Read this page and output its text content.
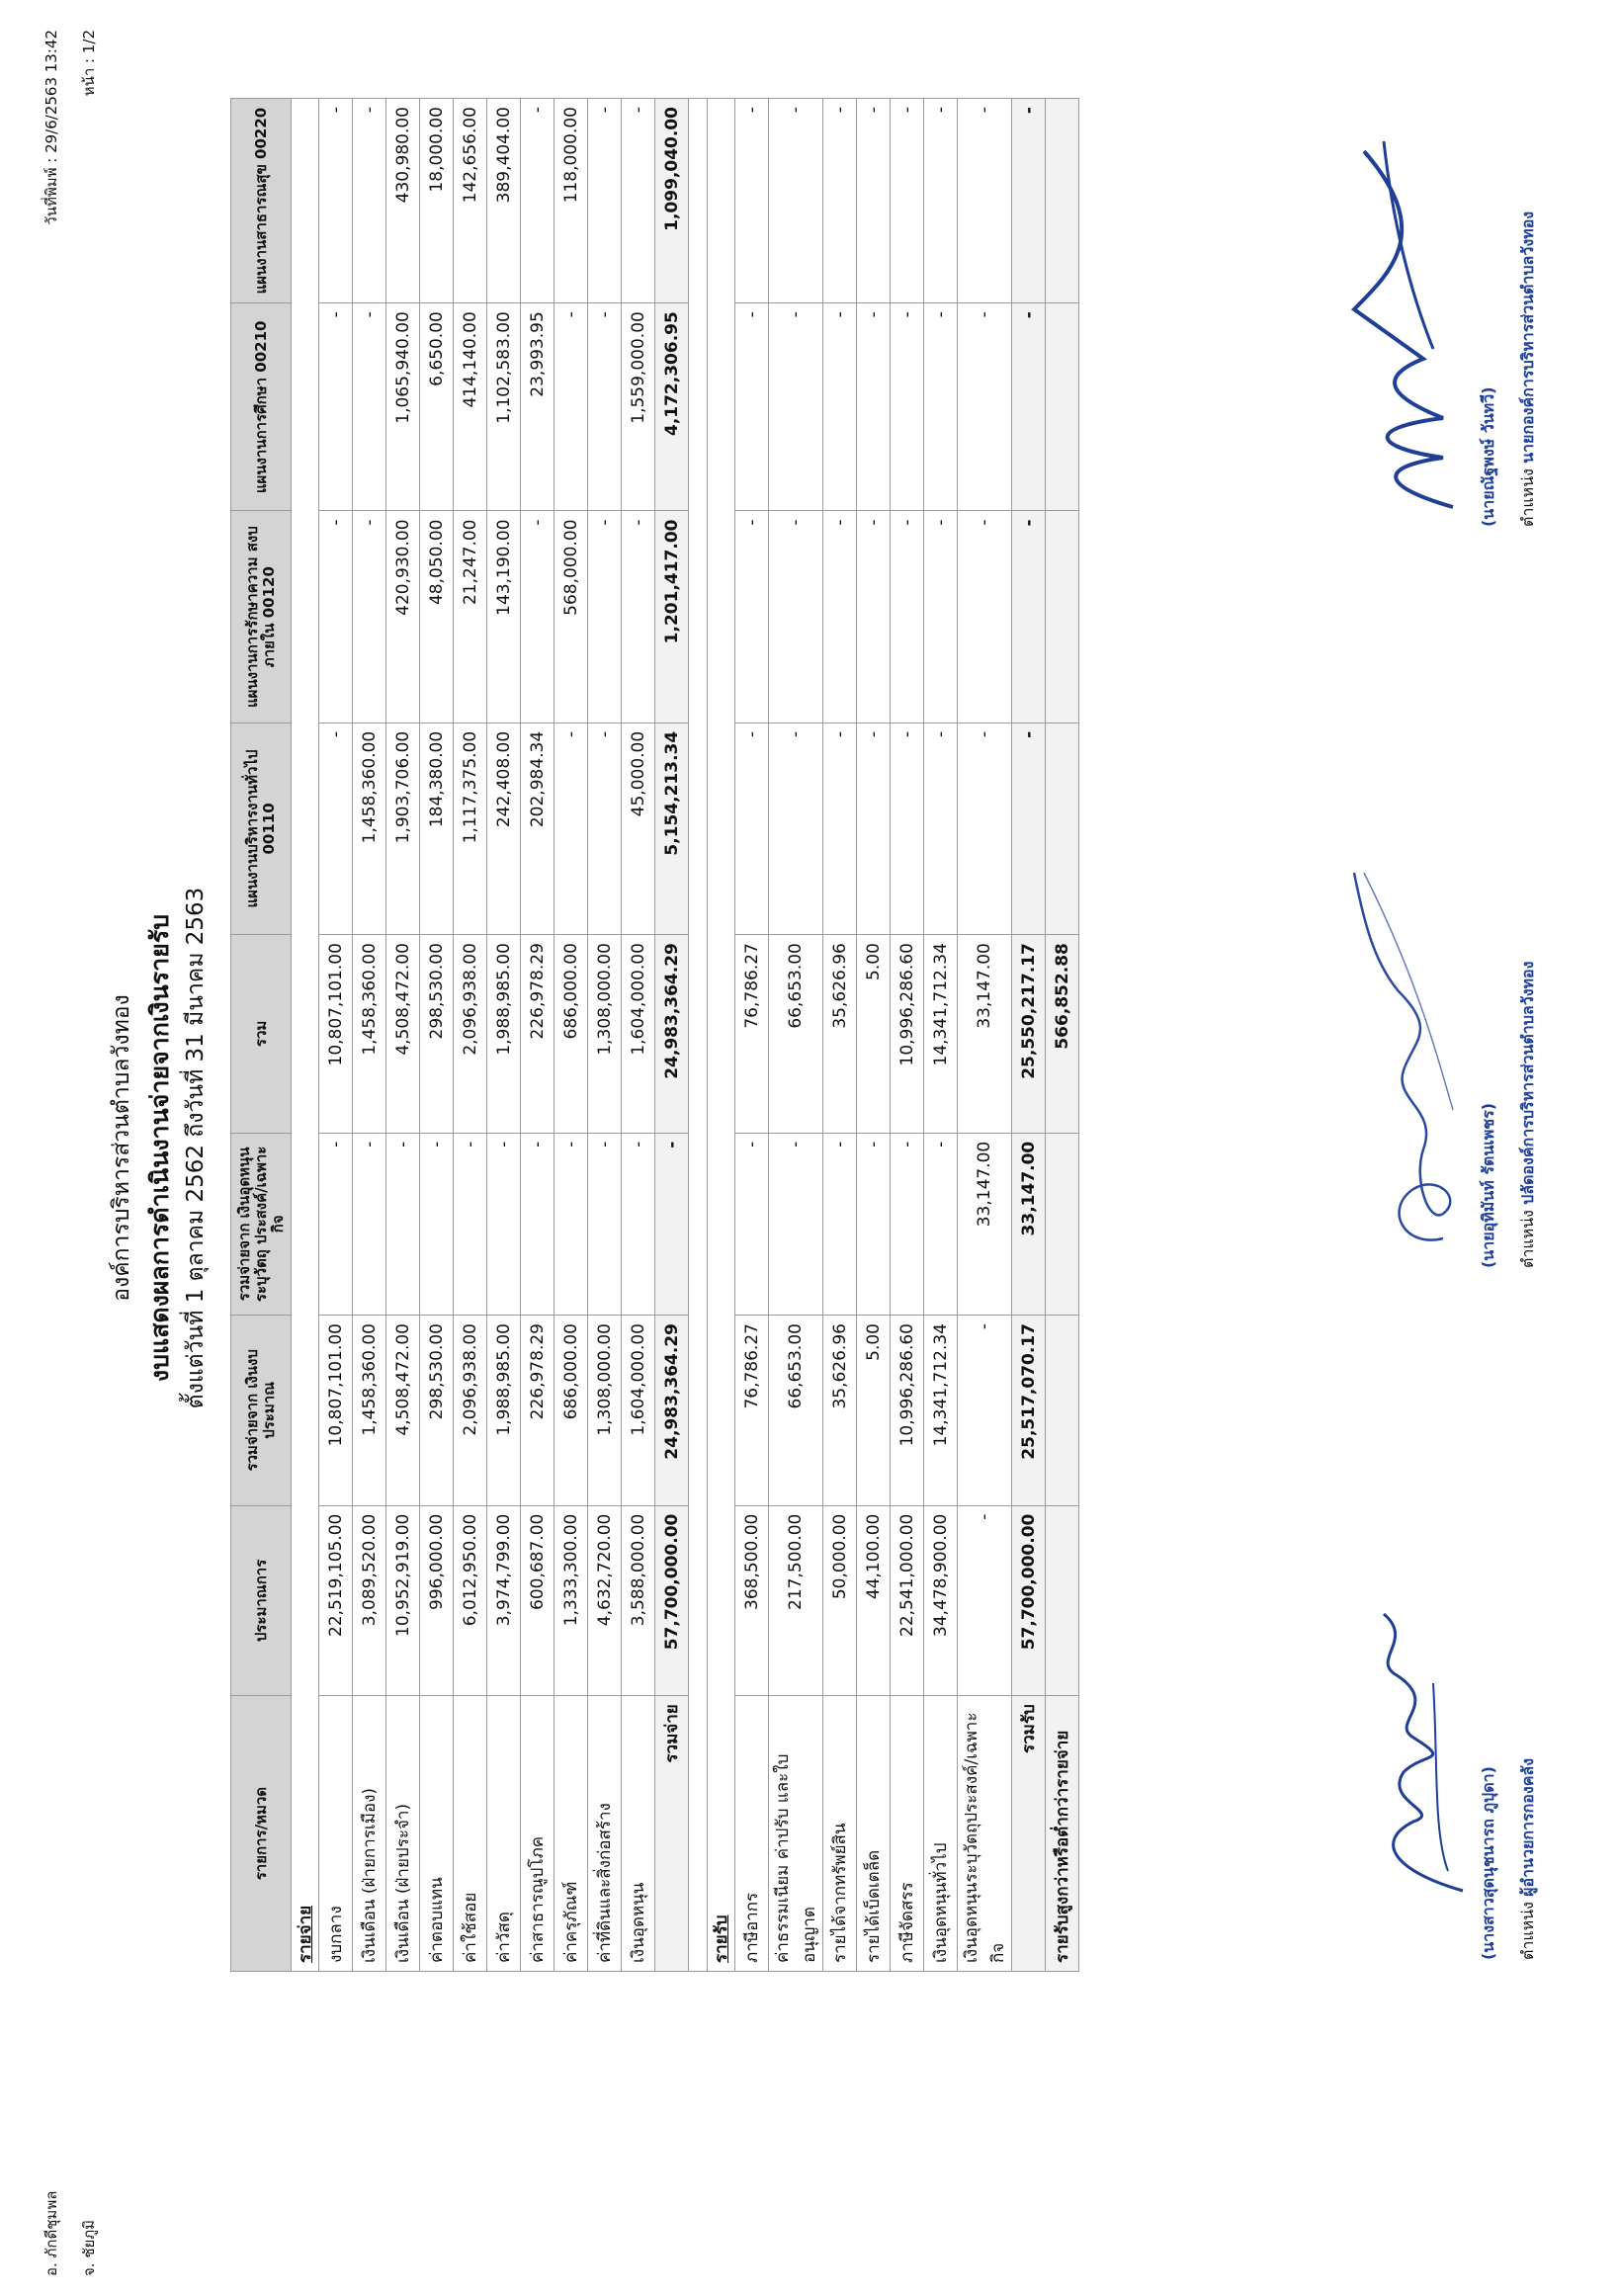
อ. ภักดีชุมพล จ. ชัยภูมิ
วันที่พิมพ์ : 29/6/2563 13:42 หน้า : 1/2
องค์การบริหารส่วนตำบลวังทอง งบแสดงผลการดำเนินงานจ่ายจากเงินรายรับ ตั้งแต่วันที่ 1 ตุลาคม 2562 ถึงวันที่ 31 มีนาคม 2563
รายการ/หมวด	ประมาณการ	รวมจ่ายจาก เงินงบประมาณ	รวมจ่ายจาก เงินอุดหนุนระบุวัตถุ ประสงค์/เฉพาะกิจ	รวม	แผนงานบริหารงานทั่วไป 00110	แผนงานการรักษาความ สงบภายใน 00120	แผนงานการศึกษา 00210	แผนงานสาธารณสุข 00220
รายจ่าย								
งบกลาง	22,519,105.00	10,807,101.00	-	10,807,101.00	-	-	-	-
เงินเดือน (ฝ่ายการเมือง)	3,089,520.00	1,458,360.00	-	1,458,360.00	1,458,360.00	-	-	-
เงินเดือน (ฝ่ายประจำ)	10,952,919.00	4,508,472.00	-	4,508,472.00	1,903,706.00	420,930.00	1,065,940.00	430,980.00
ค่าตอบแทน	996,000.00	298,530.00	-	298,530.00	184,380.00	48,050.00	6,650.00	18,000.00
ค่าใช้สอย	6,012,950.00	2,096,938.00	-	2,096,938.00	1,117,375.00	21,247.00	414,140.00	142,656.00
ค่าวัสดุ	3,974,799.00	1,988,985.00	-	1,988,985.00	242,408.00	143,190.00	1,102,583.00	389,404.00
ค่าสาธารณูปโภค	600,687.00	226,978.29	-	226,978.29	202,984.34	-	23,993.95	-
ค่าครุภัณฑ์	1,333,300.00	686,000.00	-	686,000.00	-	568,000.00	-	118,000.00
ค่าที่ดินและสิ่งก่อสร้าง	4,632,720.00	1,308,000.00	-	1,308,000.00	-	-	-	-
เงินอุดหนุน	3,588,000.00	1,604,000.00	-	1,604,000.00	45,000.00	-	1,559,000.00	-
รวมจ่าย	57,700,000.00	24,983,364.29	-	24,983,364.29	5,154,213.34	1,201,417.00	4,172,306.95	1,099,040.00

รายรับ								
ภาษีอากร	368,500.00	76,786.27	-	76,786.27	-	-	-	-
ค่าธรรมเนียม ค่าปรับ และใบอนุญาต	217,500.00	66,653.00	-	66,653.00	-	-	-	-
รายได้จากทรัพย์สิน	50,000.00	35,626.96	-	35,626.96	-	-	-	-
รายได้เบ็ดเตล็ด	44,100.00	5.00	-	5.00	-	-	-	-
ภาษีจัดสรร	22,541,000.00	10,996,286.60	-	10,996,286.60	-	-	-	-
เงินอุดหนุนทั่วไป	34,478,900.00	14,341,712.34	-	14,341,712.34	-	-	-	-
เงินอุดหนุนระบุวัตถุประสงค์/เฉพาะกิจ	-	-	33,147.00	33,147.00	-	-	-	-
รวมรับ	57,700,000.00	25,517,070.17	33,147.00	25,550,217.17	-	-	-	-
รายรับสูงกว่าหรือต่ำกว่ารายจ่าย				566,852.88				
(นางสาวสุดนุชนารถ ภูปุดา)	ตำแหน่ง ผู้อำนวยการกองคลัง
(นายอุทิมันท์ รัตนเพชร)	ตำแหน่ง ปลัดองค์การบริหารส่วนตำบลวังทอง
(นายณัฐพงษ์ วันทวี)	ตำแหน่ง นายกองค์การบริหารส่วนตำบลวังทอง
